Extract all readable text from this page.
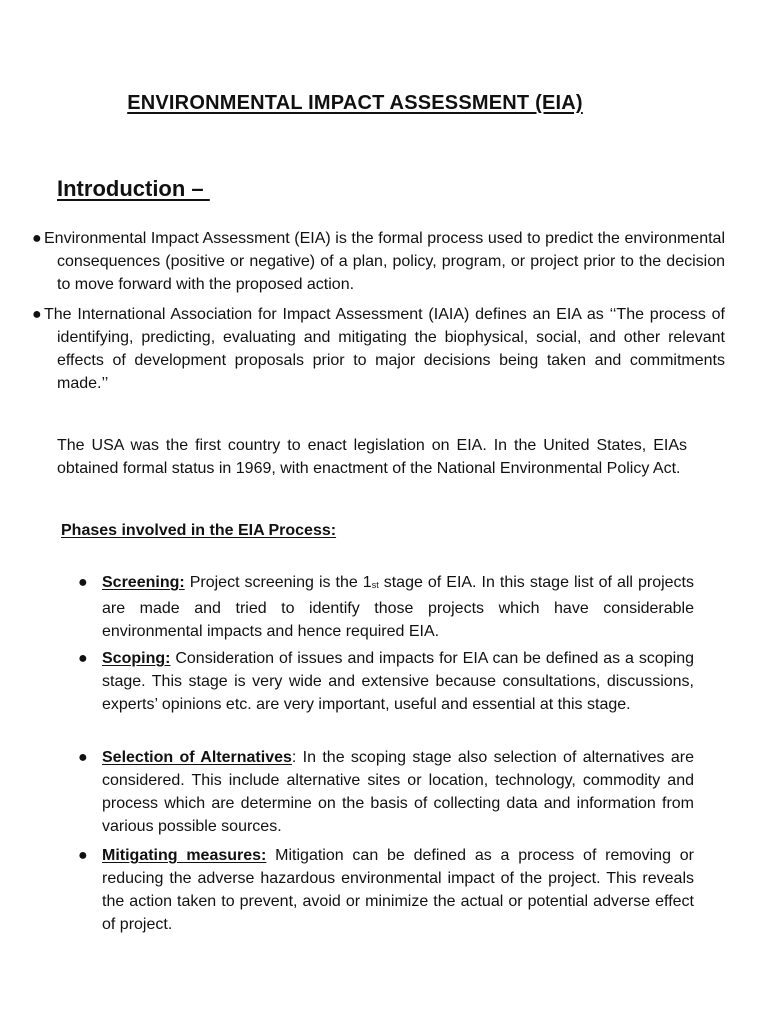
ENVIRONMENTAL IMPACT ASSESSMENT (EIA)
Introduction –
● Environmental Impact Assessment (EIA) is the formal process used to predict the environmental consequences (positive or negative) of a plan, policy, program, or project prior to the decision to move forward with the proposed action.
● The International Association for Impact Assessment (IAIA) defines an EIA as ‘‘The process of identifying, predicting, evaluating and mitigating the biophysical, social, and other relevant effects of development proposals prior to major decisions being taken and commitments made.’’
The USA was the first country to enact legislation on EIA. In the United States, EIAs obtained formal status in 1969, with enactment of the National Environmental Policy Act.
Phases involved in the EIA Process:
● Screening: Project screening is the 1st stage of EIA. In this stage list of all projects are made and tried to identify those projects which have considerable environmental impacts and hence required EIA.
● Scoping: Consideration of issues and impacts for EIA can be defined as a scoping stage. This stage is very wide and extensive because consultations, discussions, experts’ opinions etc. are very important, useful and essential at this stage.
● Selection of Alternatives: In the scoping stage also selection of alternatives are considered. This include alternative sites or location, technology, commodity and process which are determine on the basis of collecting data and information from various possible sources.
● Mitigating measures: Mitigation can be defined as a process of removing or reducing the adverse hazardous environmental impact of the project. This reveals the action taken to prevent, avoid or minimize the actual or potential adverse effect of project.
